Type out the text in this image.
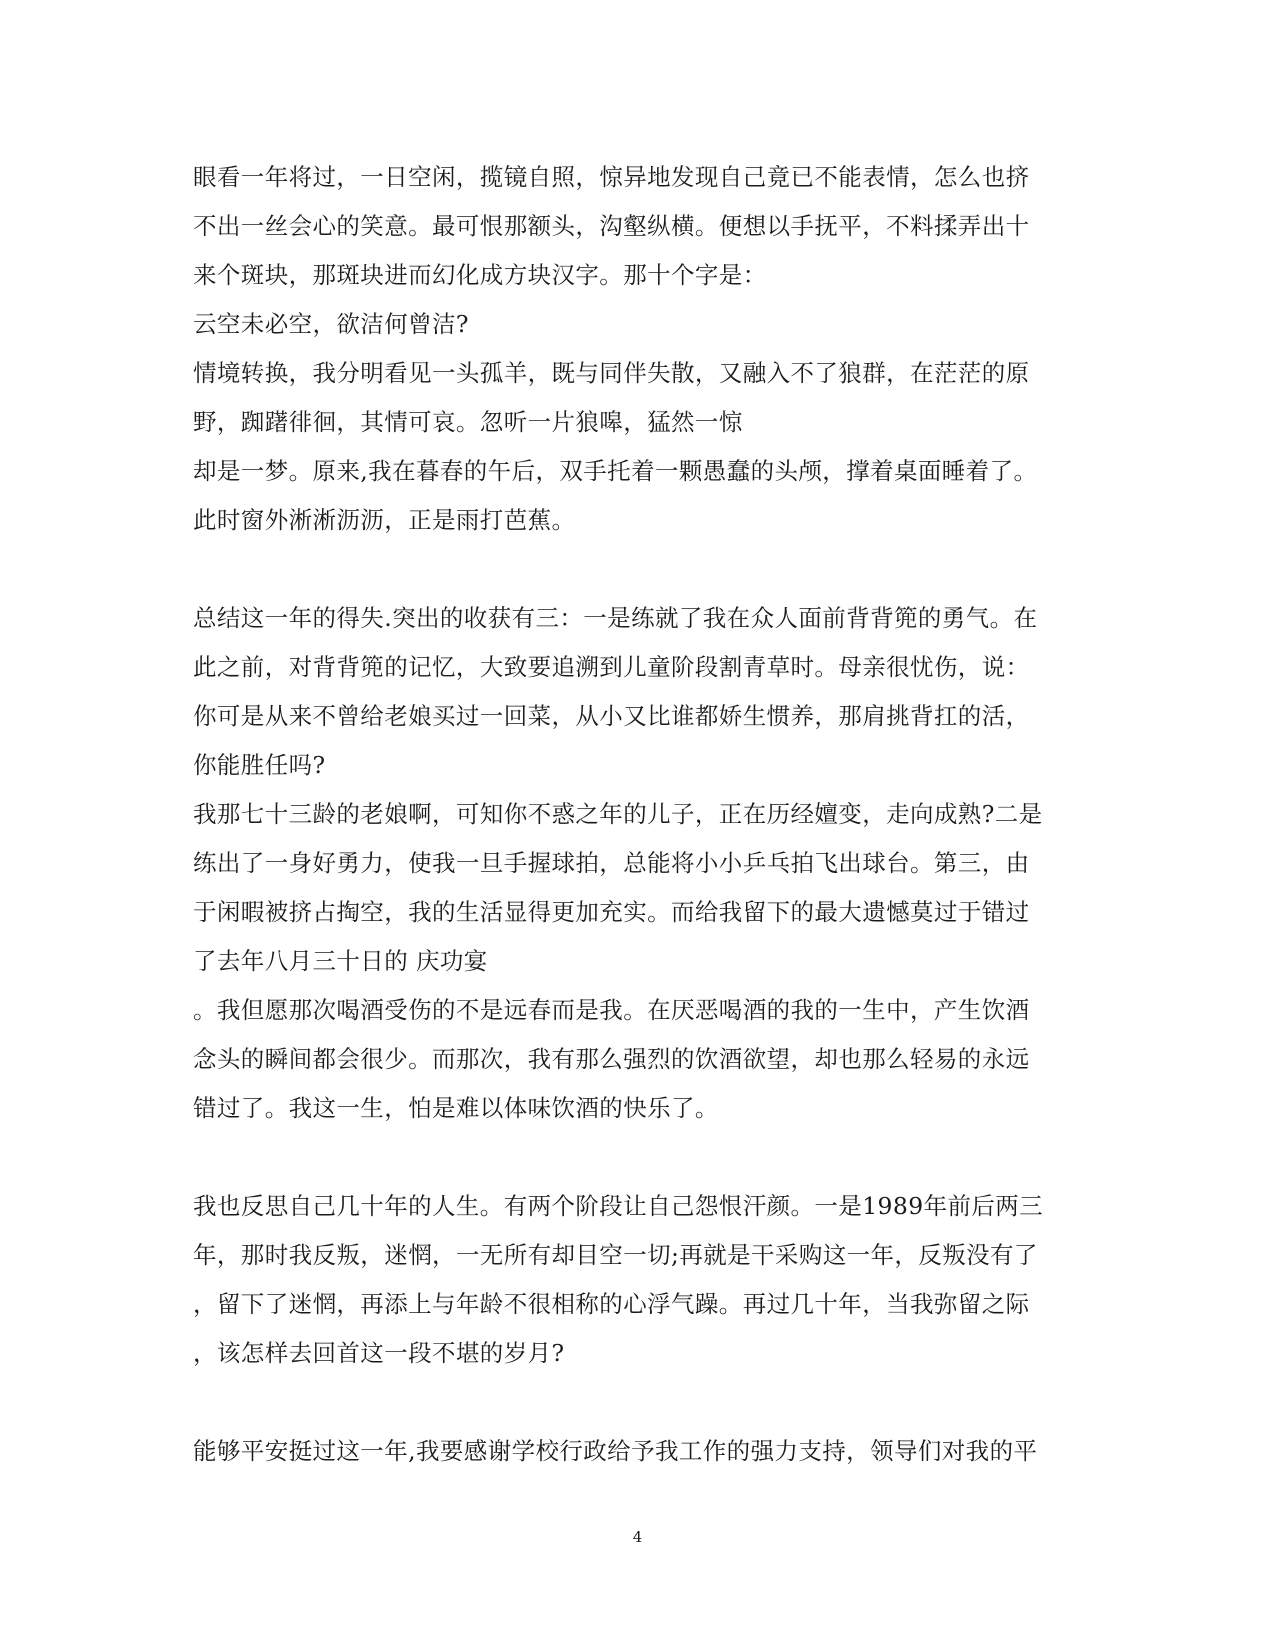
眼看一年将过，一日空闲，揽镜自照，惊异地发现自己竟已不能表情，怎么也挤
不出一丝会心的笑意。最可恨那额头，沟壑纵横。便想以手抚平，不料揉弄出十
来个斑块，那斑块进而幻化成方块汉字。那十个字是：
云空未必空，欲洁何曾洁?
情境转换，我分明看见一头孤羊，既与同伴失散，又融入不了狼群，在茫茫的原
野，踟躇徘徊，其情可哀。忽听一片狼嗥，猛然一惊
却是一梦。原来,我在暮春的午后，双手托着一颗愚蠢的头颅，撑着桌面睡着了。
此时窗外淅淅沥沥，正是雨打芭蕉。
总结这一年的得失.突出的收获有三：一是练就了我在众人面前背背篼的勇气。在
此之前，对背背篼的记忆，大致要追溯到儿童阶段割青草时。母亲很忧伤，说：
你可是从来不曾给老娘买过一回菜，从小又比谁都娇生惯养，那肩挑背扛的活，
你能胜任吗?
我那七十三龄的老娘啊，可知你不惑之年的儿子，正在历经嬗变，走向成熟?二是
练出了一身好勇力，使我一旦手握球拍，总能将小小乒乓拍飞出球台。第三，由
于闲暇被挤占掏空，我的生活显得更加充实。而给我留下的最大遗憾莫过于错过
了去年八月三十日的 庆功宴
。我但愿那次喝酒受伤的不是远春而是我。在厌恶喝酒的我的一生中，产生饮酒
念头的瞬间都会很少。而那次，我有那么强烈的饮酒欲望，却也那么轻易的永远
错过了。我这一生，怕是难以体味饮酒的快乐了。
我也反思自己几十年的人生。有两个阶段让自己怨恨汗颜。一是1989年前后两三
年，那时我反叛，迷惘，一无所有却目空一切;再就是干采购这一年，反叛没有了
，留下了迷惘，再添上与年龄不很相称的心浮气躁。再过几十年，当我弥留之际
，该怎样去回首这一段不堪的岁月?
能够平安挺过这一年,我要感谢学校行政给予我工作的强力支持，领导们对我的平
4
